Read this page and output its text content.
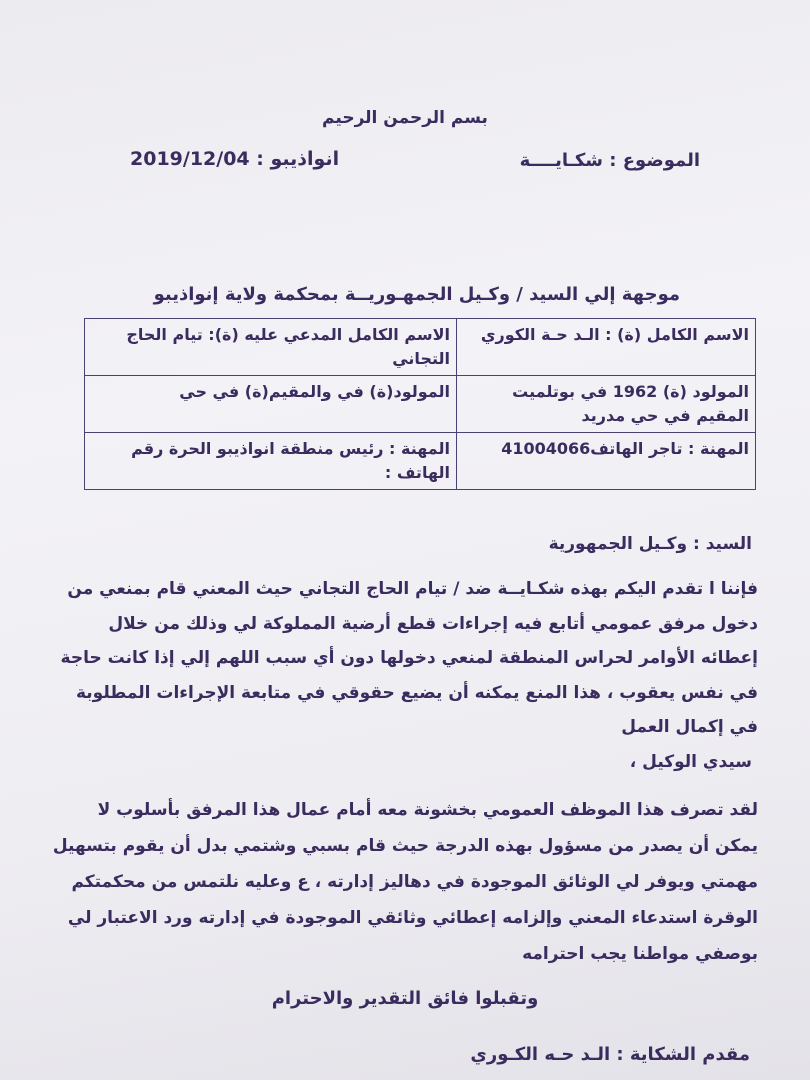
بسم الرحمن الرحيم
الموضوع : شكـايــــة
انواذيبو : 2019/12/04
موجهة إلي السيد / وكـيل الجمهـوريــة بمحكمة ولاية إنواذيبو
الاسم الكامل (ة) : الـد حـة الكوري	الاسم الكامل المدعي عليه (ة): تيام الحاج التجاني
المولود (ة) 1962 في بوتلميت المقيم في حي مدريد	المولود(ة) في والمقيم(ة) في حي
المهنة : تاجر الهاتف41004066	المهنة : رئيس منطقة انواذيبو الحرة رقم الهاتف :
السيد : وكـيل الجمهورية
فإننا ا تقدم اليكم بهذه شكـايــة ضد / تيام الحاج التجاني حيث المعني قام بمنعي من دخول مرفق عمومي أتابع فيه إجراءات قطع أرضية المملوكة لي وذلك من خلال إعطائه الأوامر لحراس المنطقة لمنعي دخولها دون أي سبب اللهم إلي إذا كانت حاجة في نفس يعقوب ، هذا المنع يمكنه أن يضيع حقوقي في متابعة الإجراءات المطلوبة في إكمال العمل
سيدي الوكيل ،
لقد تصرف هذا الموظف العمومي بخشونة معه أمام عمال هذا المرفق بأسلوب لا يمكن أن يصدر من مسؤول بهذه الدرجة حيث قام بسبي وشتمي بدل أن يقوم بتسهيل مهمتي ويوفر لي الوثائق الموجودة في دهاليز إدارته ، ع وعليه نلتمس من محكمتكم الوقرة استدعاء المعني وإلزامه إعطائي وثائقي الموجودة في إدارته ورد الاعتبار لي بوصفي مواطنا يجب احترامه
وتقبلوا فائق التقدير والاحترام
مقدم الشكاية : الـد حـه الكـوري
